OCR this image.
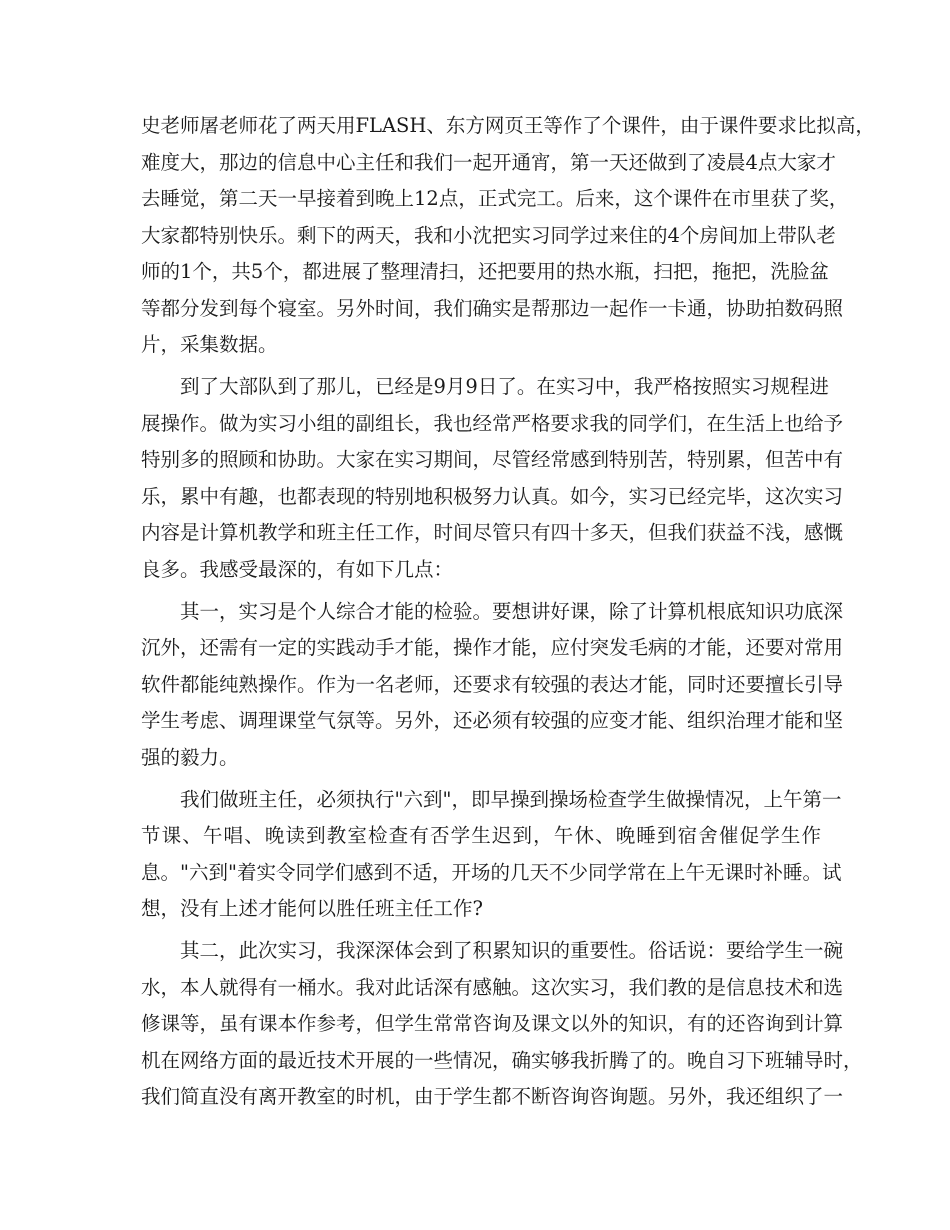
史老师屠老师花了两天用FLASH、东方网页王等作了个课件，由于课件要求比拟高，
难度大，那边的信息中心主任和我们一起开通宵，第一天还做到了凌晨4点大家才
去睡觉，第二天一早接着到晚上12点，正式完工。后来，这个课件在市里获了奖，
大家都特别快乐。剩下的两天，我和小沈把实习同学过来住的4个房间加上带队老
师的1个，共5个，都进展了整理清扫，还把要用的热水瓶，扫把，拖把，洗脸盆
等都分发到每个寝室。另外时间，我们确实是帮那边一起作一卡通，协助拍数码照
片，采集数据。
到了大部队到了那儿，已经是9月9日了。在实习中，我严格按照实习规程进
展操作。做为实习小组的副组长，我也经常严格要求我的同学们，在生活上也给予
特别多的照顾和协助。大家在实习期间，尽管经常感到特别苦，特别累，但苦中有
乐，累中有趣，也都表现的特别地积极努力认真。如今，实习已经完毕，这次实习
内容是计算机教学和班主任工作，时间尽管只有四十多天，但我们获益不浅，感慨
良多。我感受最深的，有如下几点：
其一，实习是个人综合才能的检验。要想讲好课，除了计算机根底知识功底深
沉外，还需有一定的实践动手才能，操作才能，应付突发毛病的才能，还要对常用
软件都能纯熟操作。作为一名老师，还要求有较强的表达才能，同时还要擅长引导
学生考虑、调理课堂气氛等。另外，还必须有较强的应变才能、组织治理才能和坚
强的毅力。
我们做班主任，必须执行"六到"，即早操到操场检查学生做操情况，上午第一
节课、午唱、晚读到教室检查有否学生迟到，午休、晚睡到宿舍催促学生作
息。"六到"着实令同学们感到不适，开场的几天不少同学常在上午无课时补睡。试
想，没有上述才能何以胜任班主任工作?
其二，此次实习，我深深体会到了积累知识的重要性。俗话说：要给学生一碗
水，本人就得有一桶水。我对此话深有感触。这次实习，我们教的是信息技术和选
修课等，虽有课本作参考，但学生常常咨询及课文以外的知识，有的还咨询到计算
机在网络方面的最近技术开展的一些情况，确实够我折腾了的。晚自习下班辅导时，
我们简直没有离开教室的时机，由于学生都不断咨询咨询题。另外，我还组织了一
